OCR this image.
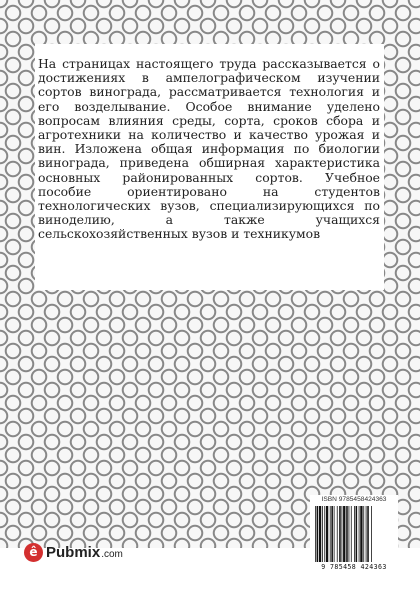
На страницах настоящего труда рассказывается о достижениях в ампелографическом изучении сортов винограда, рассматривается технология и его возделывание. Особое внимание уделено вопросам влияния среды, сорта, сроков сбора и агротехники на количество и качество урожая и вин. Изложена общая информация по биологии винограда, приведена обширная характеристика основных районированных сортов. Учебное пособие ориентировано на студентов технологических вузов, специализирующихся по виноделию, а также учащихся сельскохозяйственных вузов и техникумов

ê Pubmix .com
ISBN 9785458424363
9 785458 424363
